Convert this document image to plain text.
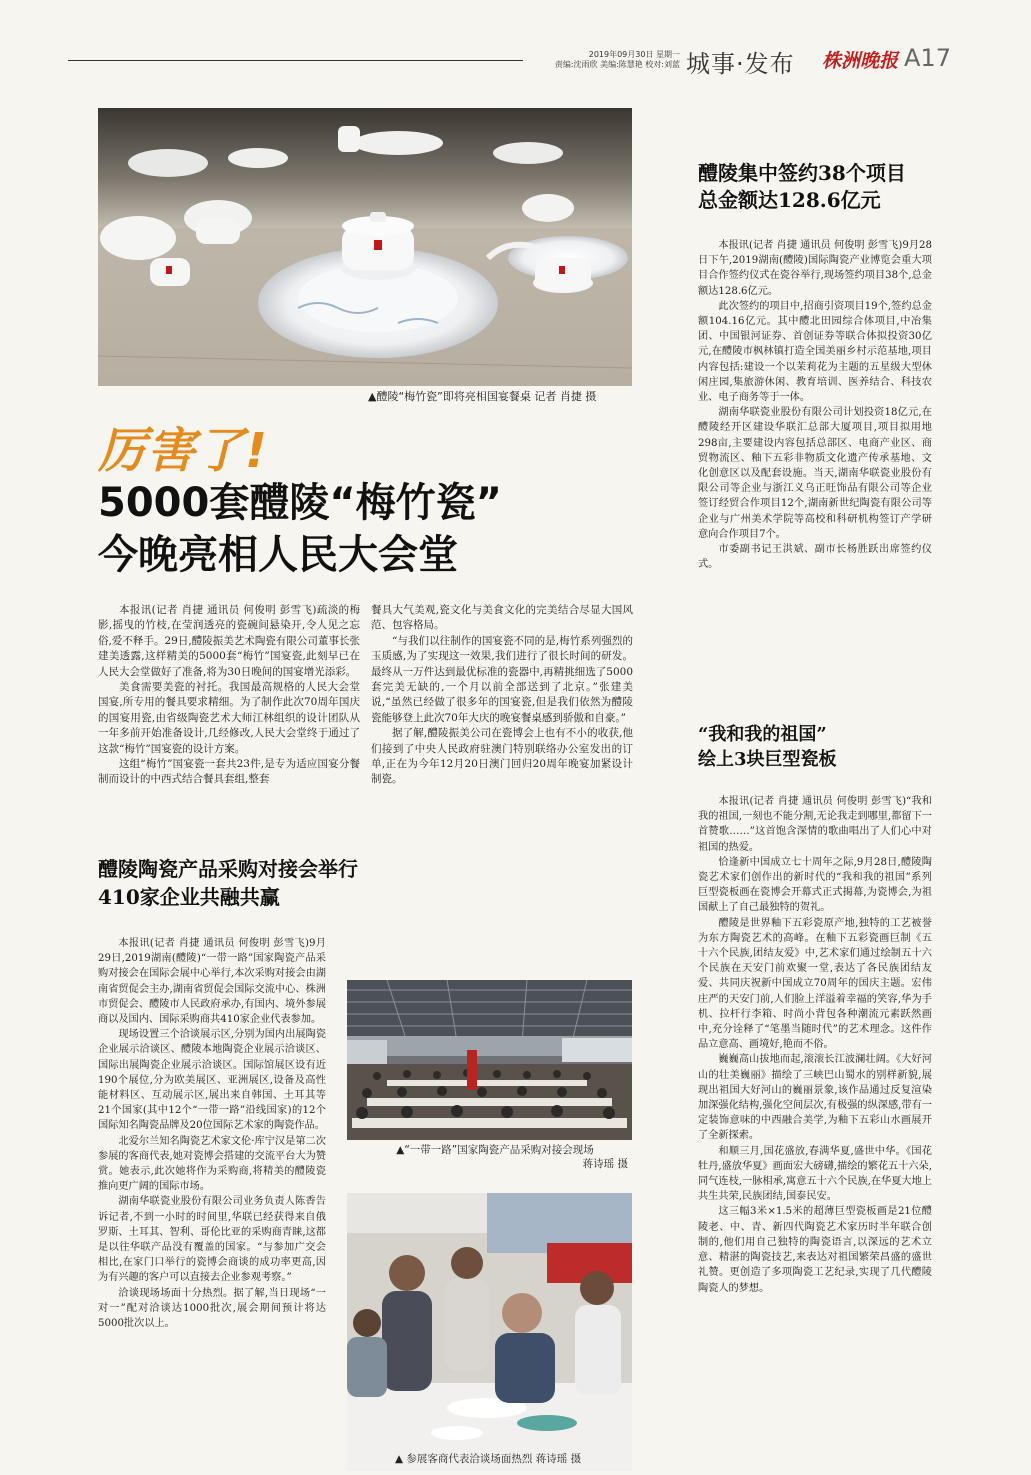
2019年09月30日 星期一
责编:沈雨欣 美编:陈慧艳 校对:刘蓝 城事·发布 株洲晚报 A17
▲醴陵“梅竹瓷”即将亮相国宴餐桌 记者 肖捷 摄
厉害了!
5000套醴陵“梅竹瓷”
今晚亮相人民大会堂

本报讯(记者 肖捷 通讯员 何俊明 彭雪飞)疏淡的梅影,摇曳的竹枝,在莹润透亮的瓷碗间悬染开,令人见之忘俗,爱不释手。29日,醴陵振美艺术陶瓷有限公司董事长张建美透露,这样精美的5000套“梅竹”国宴瓷,此刻早已在人民大会堂做好了准备,将为30日晚间的国宴增光添彩。

美食需要美瓷的衬托。我国最高规格的人民大会堂国宴,所专用的餐具要求精细。为了制作此次70周年国庆的国宴用瓷,由省级陶瓷艺术大师江林组织的设计团队从一年多前开始准备设计,几经修改,人民大会堂终于通过了这款“梅竹”国宴瓷的设计方案。

这组“梅竹”国宴瓷一套共23件,是专为适应国宴分餐制而设计的中西式结合餐具套组,整套

餐具大气美观,瓷文化与美食文化的完美结合尽显大国风范、包容格局。

“与我们以往制作的国宴瓷不同的是,梅竹系列强烈的玉质感,为了实现这一效果,我们进行了很长时间的研发。最终从一万件达到最优标准的瓷器中,再精挑细选了5000套完美无缺的,一个月以前全部送到了北京。”张建美说,“虽然已经做了很多年的国宴瓷,但是我们依然为醴陵瓷能够登上此次70年大庆的晚宴餐桌感到骄傲和自豪。”

据了解,醴陵振美公司在瓷博会上也有不小的收获,他们接到了中央人民政府驻澳门特别联络办公室发出的订单,正在为今年12月20日澳门回归20周年晚宴加紧设计制瓷。

醴陵集中签约38个项目
总金额达128.6亿元

本报讯(记者 肖捷 通讯员 何俊明 彭雪飞)9月28日下午,2019湖南(醴陵)国际陶瓷产业博览会重大项目合作签约仪式在瓷谷举行,现场签约项目38个,总金额达128.6亿元。

此次签约的项目中,招商引资项目19个,签约总金额104.16亿元。其中醴北田园综合体项目,中冶集团、中国银河证券、首创证券等联合体拟投资30亿元,在醴陵市枫林镇打造全国美丽乡村示范基地,项目内容包括:建设一个以茉莉花为主题的五星级大型休闲庄园,集旅游休闲、教育培训、医养结合、科技农业、电子商务等于一体。

湖南华联瓷业股份有限公司计划投资18亿元,在醴陵经开区建设华联汇总部大厦项目,项目拟用地298亩,主要建设内容包括总部区、电商产业区、商贸物流区、釉下五彩非物质文化遗产传承基地、文化创意区以及配套设施。当天,湖南华联瓷业股份有限公司等企业与浙江义乌正旺饰品有限公司等企业签订经贸合作项目12个,湖南新世纪陶瓷有限公司等企业与广州美术学院等高校和科研机构签订产学研意向合作项目7个。

市委副书记王洪斌、副市长杨胜跃出席签约仪式。

“我和我的祖国”
绘上3块巨型瓷板

本报讯(记者 肖捷 通讯员 何俊明 彭雪飞)“我和我的祖国,一刻也不能分割,无论我走到哪里,都留下一首赞歌……”这首饱含深情的歌曲唱出了人们心中对祖国的热爱。

恰逢新中国成立七十周年之际,9月28日,醴陵陶瓷艺术家们创作出的新时代的“我和我的祖国”系列巨型瓷板画在瓷博会开幕式正式揭幕,为瓷博会,为祖国献上了自己最独特的贺礼。

醴陵是世界釉下五彩瓷原产地,独特的工艺被誉为东方陶瓷艺术的高峰。在釉下五彩瓷画巨制《五十六个民族,团结友爱》中,艺术家们通过绘制五十六个民族在天安门前欢聚一堂,表达了各民族团结友爱、共同庆祝新中国成立70周年的国庆主题。宏伟庄严的天安门前,人们脸上洋溢着幸福的笑容,华为手机、拉杆行李箱、时尚小背包各种潮流元素跃然画中,充分诠释了“笔墨当随时代”的艺术理念。这件作品立意高、画境好,艳而不俗。

巍巍高山拔地而起,滚滚长江波澜壮阔。《大好河山的壮美巍丽》描绘了三峡巴山蜀水的别样新貌,展现出祖国大好河山的巍丽景象,该作品通过反复渲染加深强化结构,强化空间层次,有极强的纵深感,带有一定装饰意味的中西融合美学,为釉下五彩山水画展开了全新探索。

和顺三月,国花盛放,春满华夏,盛世中华。《国花牡丹,盛放华夏》画面宏大磅礴,描绘的繁花五十六朵,同气连枝,一脉相承,寓意五十六个民族,在华夏大地上共生共荣,民族团结,国泰民安。

这三幅3米×1.5米的超薄巨型瓷板画是21位醴陵老、中、青、新四代陶瓷艺术家历时半年联合创制的,他们用自己独特的陶瓷语言,以深远的艺术立意、精湛的陶瓷技艺,来表达对祖国繁荣昌盛的盛世礼赞。更创造了多项陶瓷工艺纪录,实现了几代醴陵陶瓷人的梦想。

醴陵陶瓷产品采购对接会举行
410家企业共融共赢

本报讯(记者 肖捷 通讯员 何俊明 彭雪飞)9月29日,2019湖南(醴陵)“一带一路”国家陶瓷产品采购对接会在国际会展中心举行,本次采购对接会由湖南省贸促会主办,湖南省贸促会国际交流中心、株洲市贸促会、醴陵市人民政府承办,有国内、境外参展商以及国内、国际采购商共410家企业代表参加。

现场设置三个洽谈展示区,分别为国内出展陶瓷企业展示洽谈区、醴陵本地陶瓷企业展示洽谈区、国际出展陶瓷企业展示洽谈区。国际馆展区设有近190个展位,分为欧美展区、亚洲展区,设备及高性能材料区、互动展示区,展出来自韩国、土耳其等21个国家(其中12个“一带一路”沿线国家)的12个国际知名陶瓷品牌及20位国际艺术家的陶瓷作品。

北爱尔兰知名陶瓷艺术家文伦·库宁汉是第二次参展的客商代表,她对瓷博会搭建的交流平台大为赞赏。她表示,此次她将作为采购商,将精美的醴陵瓷推向更广阔的国际市场。

湖南华联瓷业股份有限公司业务负责人陈香告诉记者,不到一小时的时间里,华联已经获得来自俄罗斯、土耳其、智利、哥伦比亚的采购商青睐,这都是以往华联产品没有覆盖的国家。“与参加广交会相比,在家门口举行的瓷博会商谈的成功率更高,因为有兴趣的客户可以直接去企业参观考察。”

洽谈现场场面十分热烈。据了解,当日现场“一对一”配对洽谈达1000批次,展会期间预计将达5000批次以上。

▲“一带一路”国家陶瓷产品采购对接会现场
蒋诗瑶 摄
▲ 参展客商代表洽谈场面热烈 蒋诗瑶 摄
